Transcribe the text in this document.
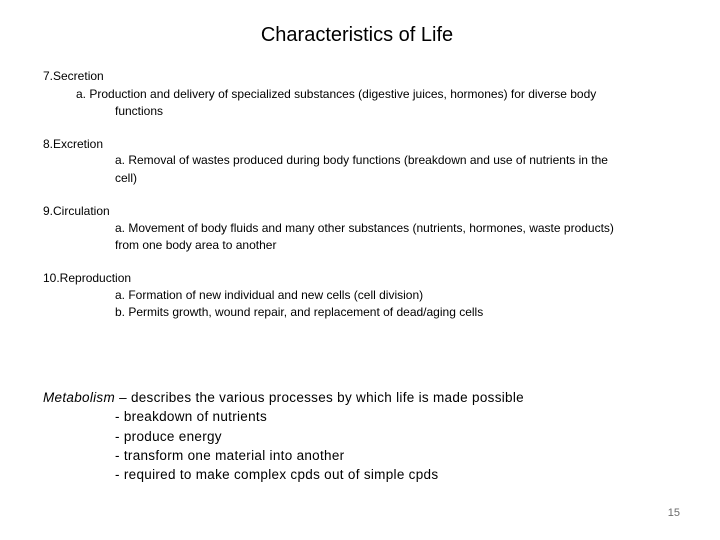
Characteristics of Life
7.Secretion
a. Production and delivery of specialized substances (digestive juices, hormones) for diverse body
functions
8.Excretion
a. Removal of wastes produced during body functions (breakdown and use of nutrients in the
cell)
9.Circulation
a. Movement of body fluids and many other substances (nutrients, hormones, waste products)
from one body area to another
10.Reproduction
a. Formation of new individual and new cells (cell division)
b. Permits growth, wound repair, and replacement of dead/aging cells
Metabolism – describes the various processes by which life is made possible
- breakdown of nutrients
- produce energy
- transform one material into another
- required to make complex cpds out of simple cpds
15
